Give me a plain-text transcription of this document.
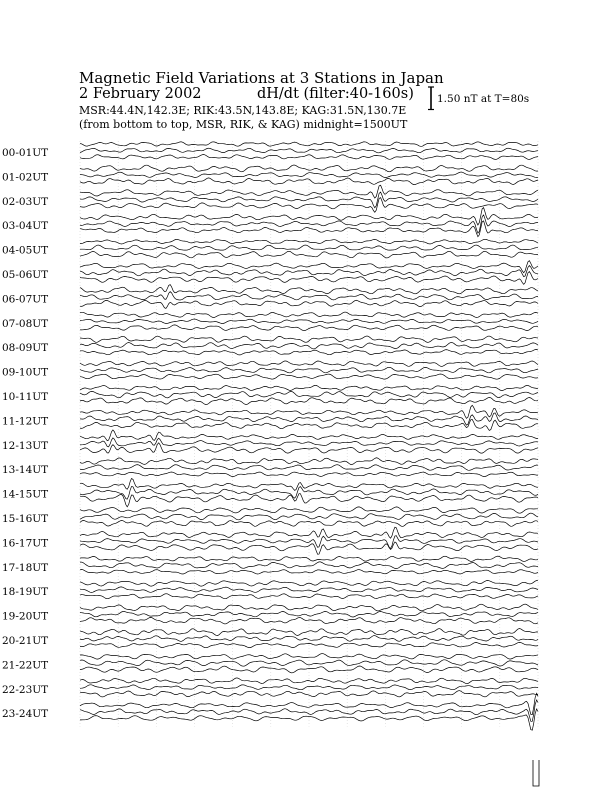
Magnetic Field Variations at 3 Stations in Japan
2 February 2002	dH/dt (filter:40-160s)
MSR:44.4N,142.3E; RIK:43.5N,143.8E; KAG:31.5N,130.7E
(from bottom to top, MSR, RIK, & KAG) midnight=1500UT
1.50 nT at T=80s
00-01UT
01-02UT
02-03UT
03-04UT
04-05UT
05-06UT
06-07UT
07-08UT
08-09UT
09-10UT
10-11UT
11-12UT
12-13UT
13-14UT
14-15UT
15-16UT
16-17UT
17-18UT
18-19UT
19-20UT
20-21UT
21-22UT
22-23UT
23-24UT
